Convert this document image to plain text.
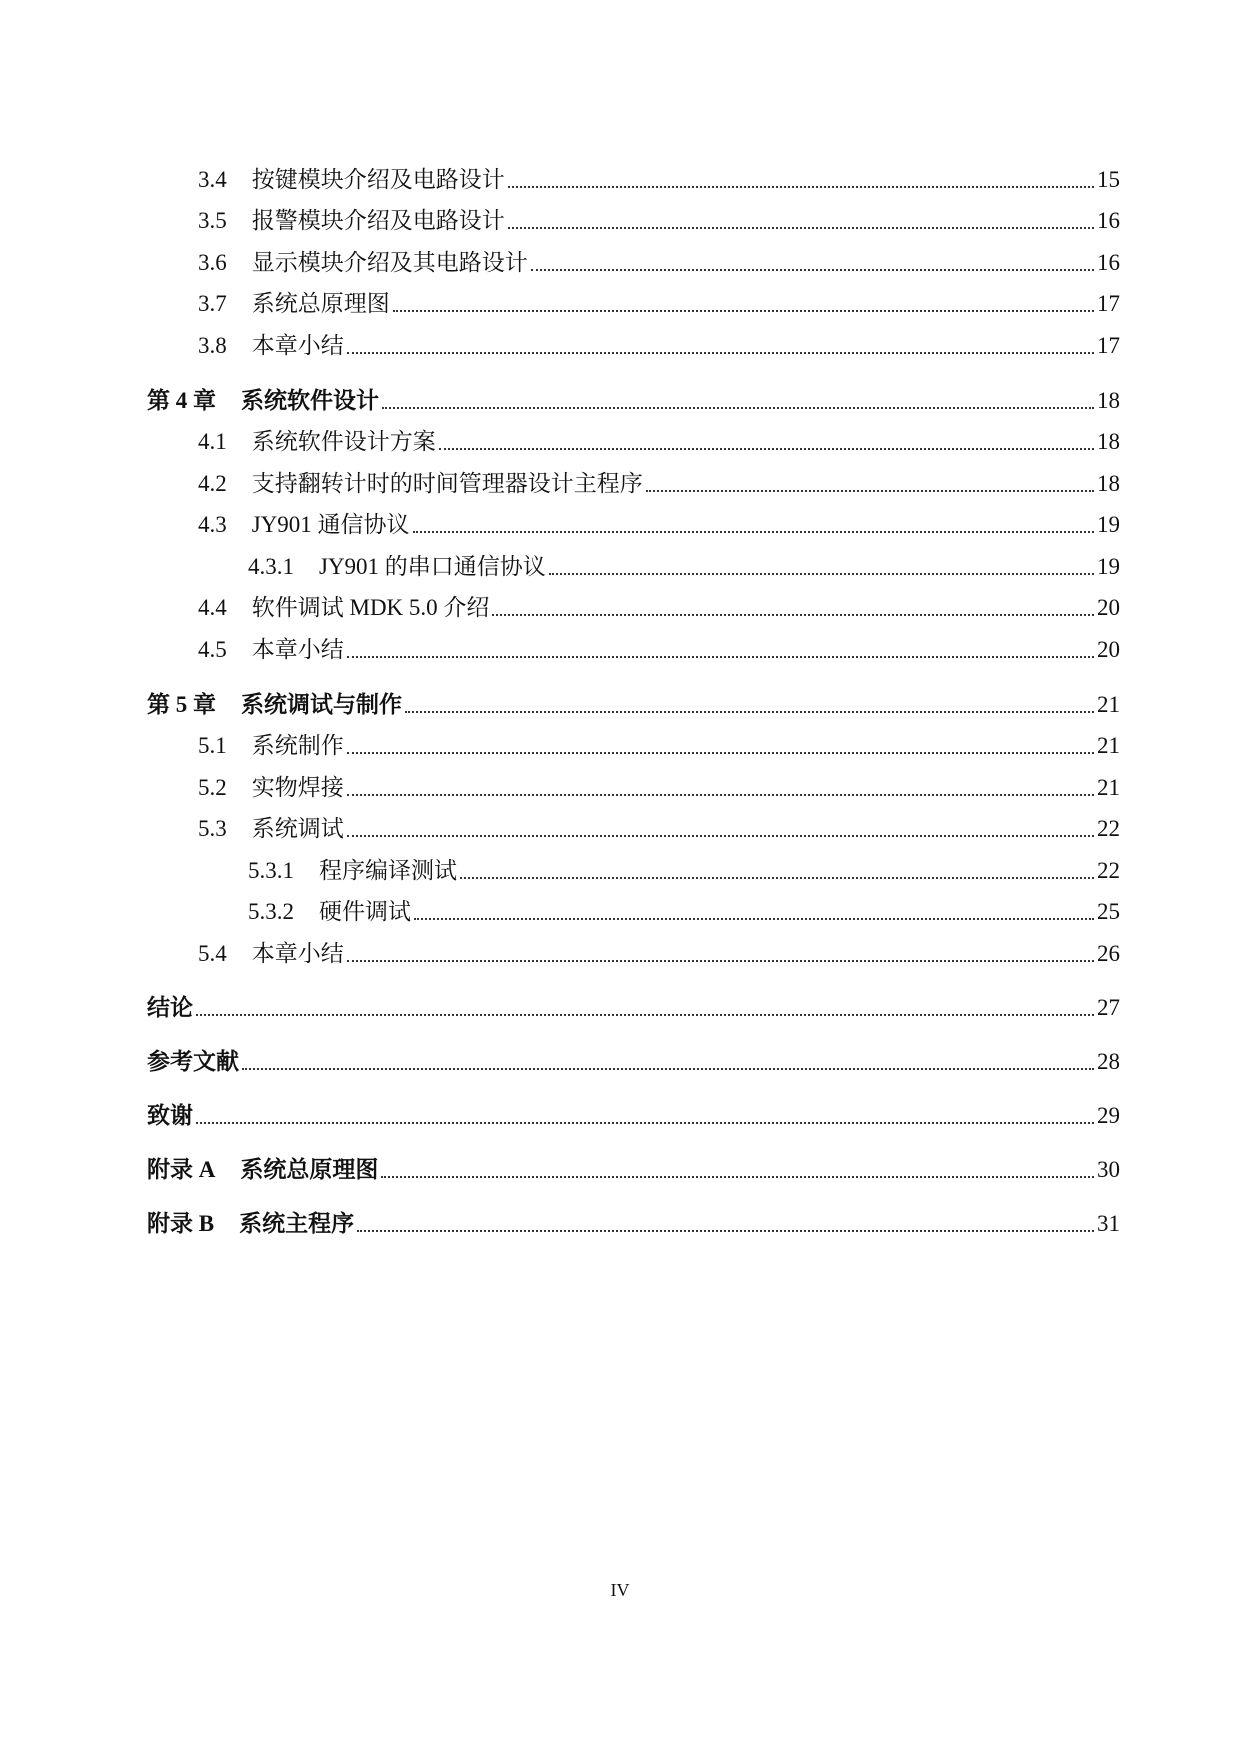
3.4 按键模块介绍及电路设计	15
3.5 报警模块介绍及电路设计	16
3.6 显示模块介绍及其电路设计	16
3.7 系统总原理图	17
3.8 本章小结	17
第 4 章 系统软件设计	18
4.1 系统软件设计方案	18
4.2 支持翻转计时的时间管理器设计主程序	18
4.3 JY901 通信协议	19
4.3.1 JY901 的串口通信协议	19
4.4 软件调试 MDK 5.0 介绍	20
4.5 本章小结	20
第 5 章 系统调试与制作	21
5.1 系统制作	21
5.2 实物焊接	21
5.3 系统调试	22
5.3.1 程序编译测试	22
5.3.2 硬件调试	25
5.4 本章小结	26
结论	27
参考文献	28
致谢	29
附录 A 系统总原理图	30
附录 B 系统主程序	31
IV
